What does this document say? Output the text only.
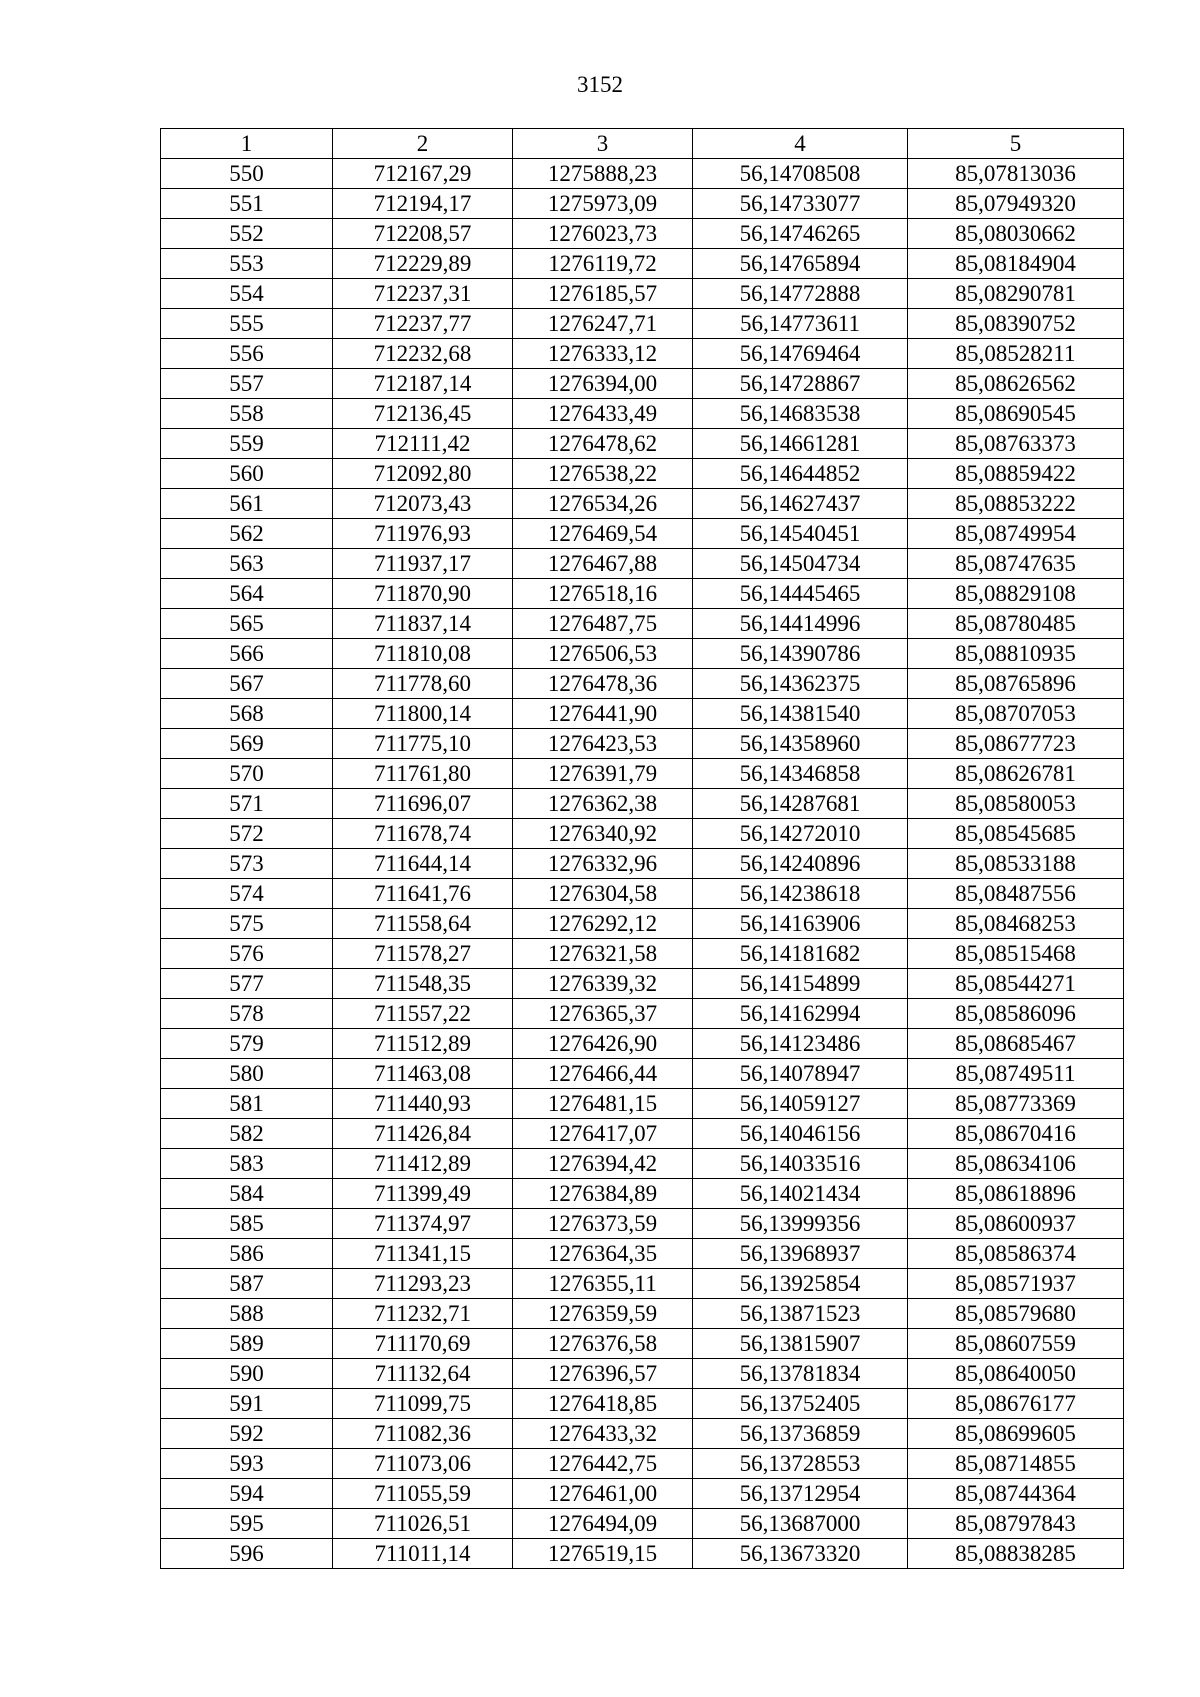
3152
1	2	3	4	5
550	712167,29	1275888,23	56,14708508	85,07813036
551	712194,17	1275973,09	56,14733077	85,07949320
552	712208,57	1276023,73	56,14746265	85,08030662
553	712229,89	1276119,72	56,14765894	85,08184904
554	712237,31	1276185,57	56,14772888	85,08290781
555	712237,77	1276247,71	56,14773611	85,08390752
556	712232,68	1276333,12	56,14769464	85,08528211
557	712187,14	1276394,00	56,14728867	85,08626562
558	712136,45	1276433,49	56,14683538	85,08690545
559	712111,42	1276478,62	56,14661281	85,08763373
560	712092,80	1276538,22	56,14644852	85,08859422
561	712073,43	1276534,26	56,14627437	85,08853222
562	711976,93	1276469,54	56,14540451	85,08749954
563	711937,17	1276467,88	56,14504734	85,08747635
564	711870,90	1276518,16	56,14445465	85,08829108
565	711837,14	1276487,75	56,14414996	85,08780485
566	711810,08	1276506,53	56,14390786	85,08810935
567	711778,60	1276478,36	56,14362375	85,08765896
568	711800,14	1276441,90	56,14381540	85,08707053
569	711775,10	1276423,53	56,14358960	85,08677723
570	711761,80	1276391,79	56,14346858	85,08626781
571	711696,07	1276362,38	56,14287681	85,08580053
572	711678,74	1276340,92	56,14272010	85,08545685
573	711644,14	1276332,96	56,14240896	85,08533188
574	711641,76	1276304,58	56,14238618	85,08487556
575	711558,64	1276292,12	56,14163906	85,08468253
576	711578,27	1276321,58	56,14181682	85,08515468
577	711548,35	1276339,32	56,14154899	85,08544271
578	711557,22	1276365,37	56,14162994	85,08586096
579	711512,89	1276426,90	56,14123486	85,08685467
580	711463,08	1276466,44	56,14078947	85,08749511
581	711440,93	1276481,15	56,14059127	85,08773369
582	711426,84	1276417,07	56,14046156	85,08670416
583	711412,89	1276394,42	56,14033516	85,08634106
584	711399,49	1276384,89	56,14021434	85,08618896
585	711374,97	1276373,59	56,13999356	85,08600937
586	711341,15	1276364,35	56,13968937	85,08586374
587	711293,23	1276355,11	56,13925854	85,08571937
588	711232,71	1276359,59	56,13871523	85,08579680
589	711170,69	1276376,58	56,13815907	85,08607559
590	711132,64	1276396,57	56,13781834	85,08640050
591	711099,75	1276418,85	56,13752405	85,08676177
592	711082,36	1276433,32	56,13736859	85,08699605
593	711073,06	1276442,75	56,13728553	85,08714855
594	711055,59	1276461,00	56,13712954	85,08744364
595	711026,51	1276494,09	56,13687000	85,08797843
596	711011,14	1276519,15	56,13673320	85,08838285
